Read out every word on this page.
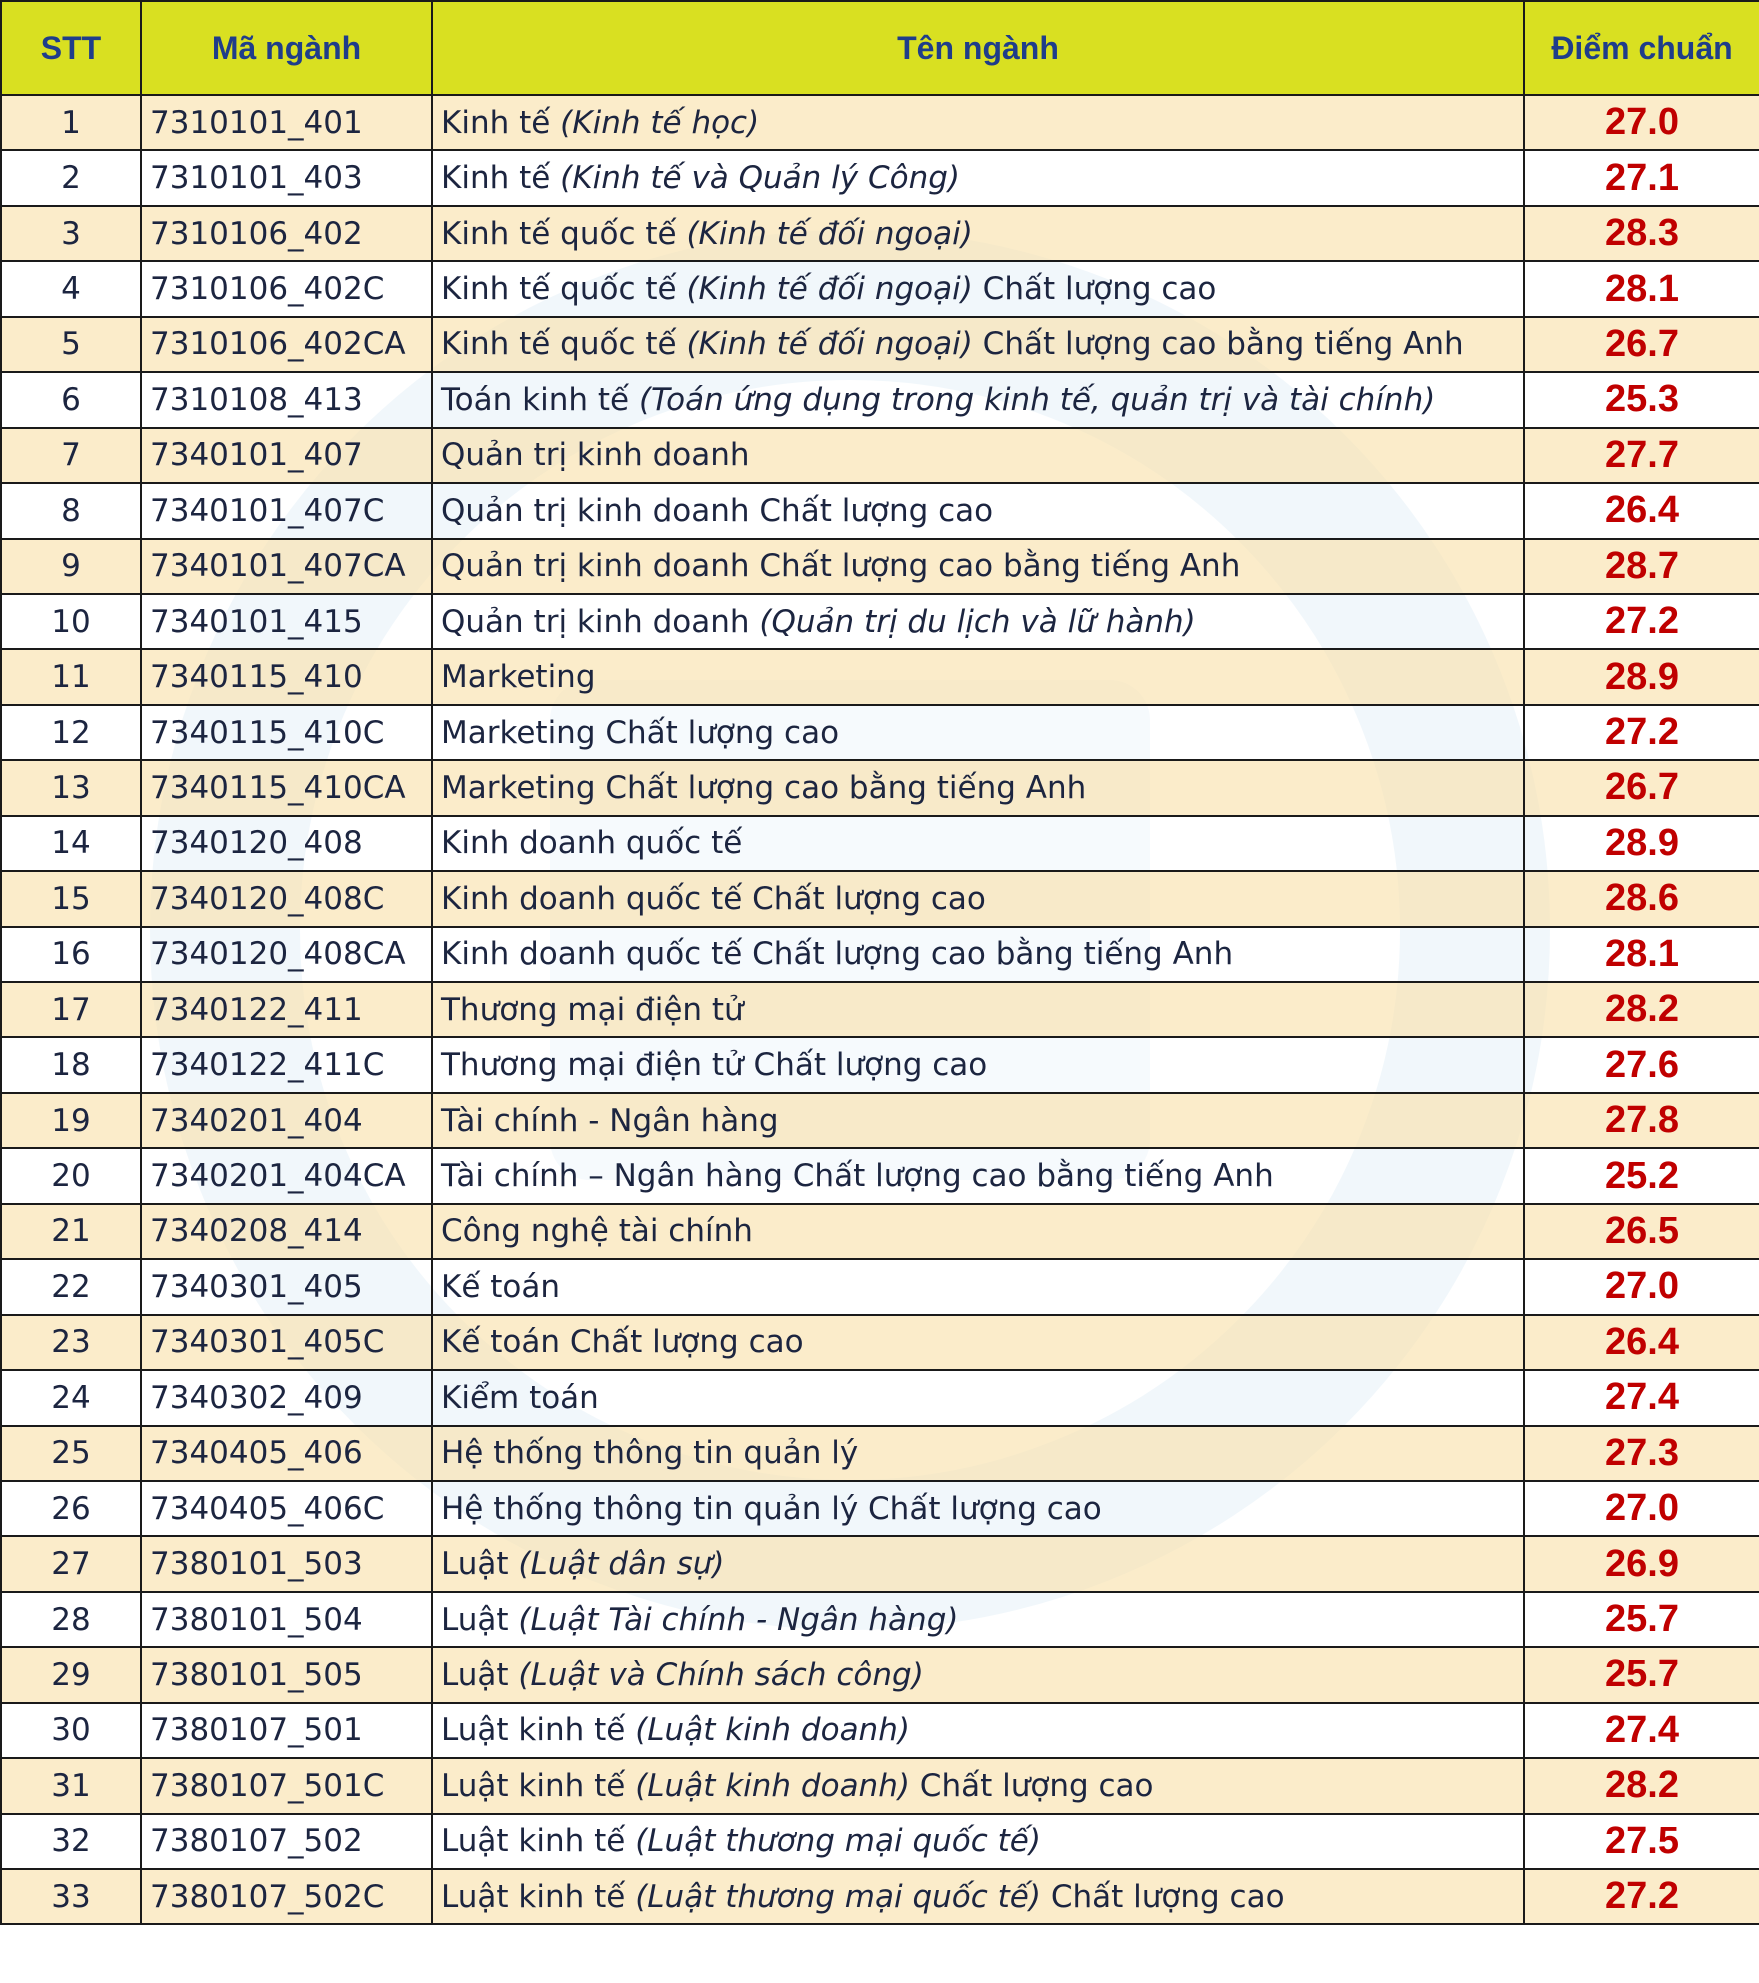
STT	Mã ngành	Tên ngành	Điểm chuẩn
1	7310101_401	Kinh tế (Kinh tế học)	27.0
2	7310101_403	Kinh tế (Kinh tế và Quản lý Công)	27.1
3	7310106_402	Kinh tế quốc tế (Kinh tế đối ngoại)	28.3
4	7310106_402C	Kinh tế quốc tế (Kinh tế đối ngoại) Chất lượng cao	28.1
5	7310106_402CA	Kinh tế quốc tế (Kinh tế đối ngoại) Chất lượng cao bằng tiếng Anh	26.7
6	7310108_413	Toán kinh tế (Toán ứng dụng trong kinh tế, quản trị và tài chính)	25.3
7	7340101_407	Quản trị kinh doanh	27.7
8	7340101_407C	Quản trị kinh doanh Chất lượng cao	26.4
9	7340101_407CA	Quản trị kinh doanh Chất lượng cao bằng tiếng Anh	28.7
10	7340101_415	Quản trị kinh doanh (Quản trị du lịch và lữ hành)	27.2
11	7340115_410	Marketing	28.9
12	7340115_410C	Marketing Chất lượng cao	27.2
13	7340115_410CA	Marketing Chất lượng cao bằng tiếng Anh	26.7
14	7340120_408	Kinh doanh quốc tế	28.9
15	7340120_408C	Kinh doanh quốc tế Chất lượng cao	28.6
16	7340120_408CA	Kinh doanh quốc tế Chất lượng cao bằng tiếng Anh	28.1
17	7340122_411	Thương mại điện tử	28.2
18	7340122_411C	Thương mại điện tử Chất lượng cao	27.6
19	7340201_404	Tài chính - Ngân hàng	27.8
20	7340201_404CA	Tài chính – Ngân hàng Chất lượng cao bằng tiếng Anh	25.2
21	7340208_414	Công nghệ tài chính	26.5
22	7340301_405	Kế toán	27.0
23	7340301_405C	Kế toán Chất lượng cao	26.4
24	7340302_409	Kiểm toán	27.4
25	7340405_406	Hệ thống thông tin quản lý	27.3
26	7340405_406C	Hệ thống thông tin quản lý Chất lượng cao	27.0
27	7380101_503	Luật (Luật dân sự)	26.9
28	7380101_504	Luật (Luật Tài chính - Ngân hàng)	25.7
29	7380101_505	Luật (Luật và Chính sách công)	25.7
30	7380107_501	Luật kinh tế (Luật kinh doanh)	27.4
31	7380107_501C	Luật kinh tế (Luật kinh doanh) Chất lượng cao	28.2
32	7380107_502	Luật kinh tế (Luật thương mại quốc tế)	27.5
33	7380107_502C	Luật kinh tế (Luật thương mại quốc tế) Chất lượng cao	27.2
